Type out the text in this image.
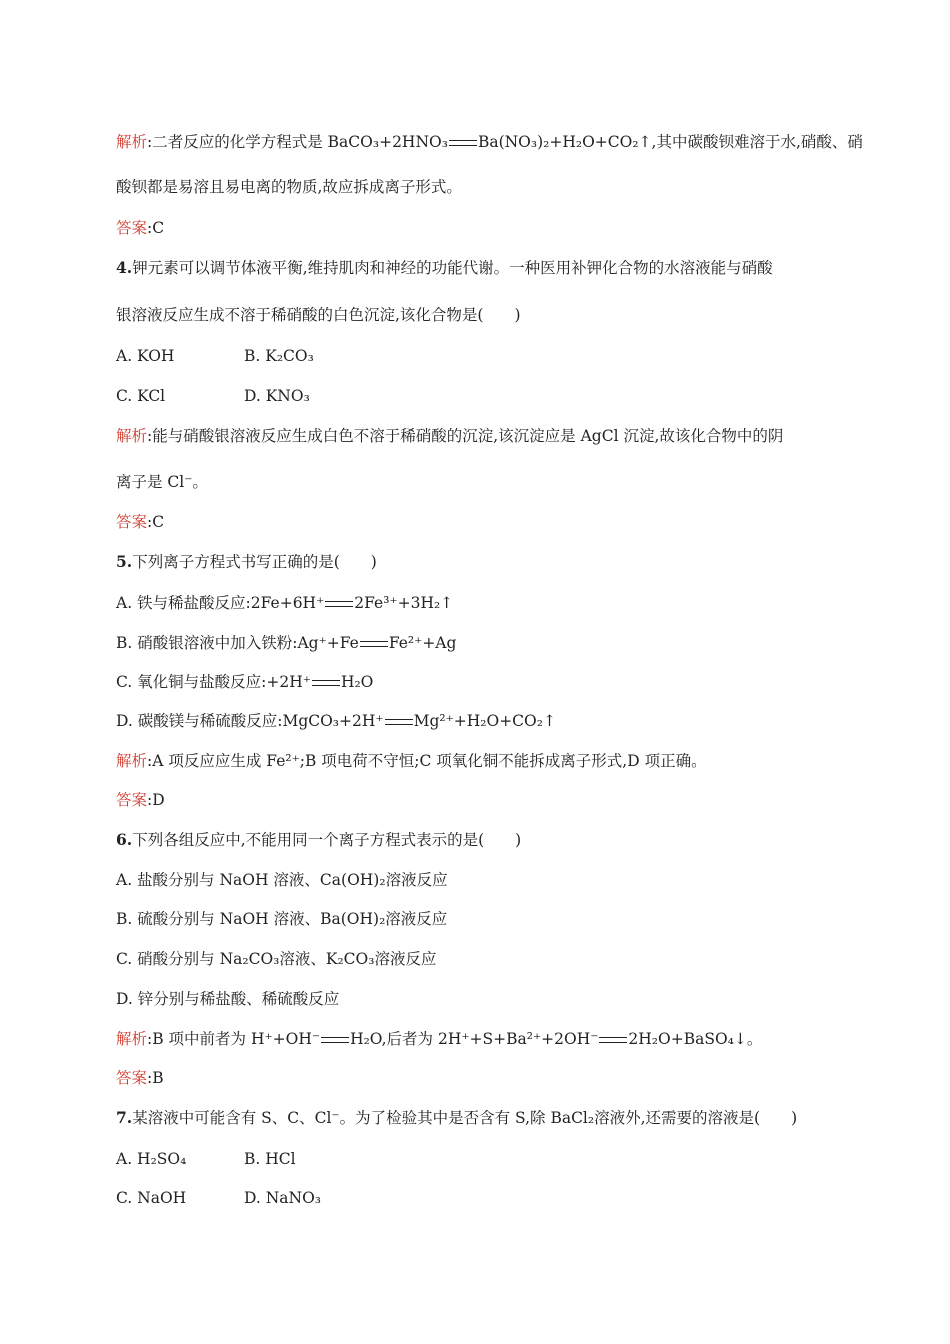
解析:二者反应的化学方程式是 BaCO₃+2HNO₃ Ba(NO₃)₂+H₂O+CO₂↑,其中碳酸钡难溶于水,硝酸、硝
酸钡都是易溶且易电离的物质,故应拆成离子形式。
答案:C
4.钾元素可以调节体液平衡,维持肌肉和神经的功能代谢。一种医用补钾化合物的水溶液能与硝酸
银溶液反应生成不溶于稀硝酸的白色沉淀,该化合物是(　　)
A. KOH	B. K₂CO₃
C. KCl	D. KNO₃
解析:能与硝酸银溶液反应生成白色不溶于稀硝酸的沉淀,该沉淀应是 AgCl 沉淀,故该化合物中的阴
离子是 Cl⁻。
答案:C
5.下列离子方程式书写正确的是(　　)
A. 铁与稀盐酸反应:2Fe+6H⁺ 2Fe³⁺+3H₂↑
B. 硝酸银溶液中加入铁粉:Ag⁺+Fe Fe²⁺+Ag
C. 氧化铜与盐酸反应:+2H⁺ H₂O
D. 碳酸镁与稀硫酸反应:MgCO₃+2H⁺ Mg²⁺+H₂O+CO₂↑
解析:A 项反应应生成 Fe²⁺;B 项电荷不守恒;C 项氧化铜不能拆成离子形式,D 项正确。
答案:D
6.下列各组反应中,不能用同一个离子方程式表示的是(　　)
A. 盐酸分别与 NaOH 溶液、Ca(OH)₂溶液反应
B. 硫酸分别与 NaOH 溶液、Ba(OH)₂溶液反应
C. 硝酸分别与 Na₂CO₃溶液、K₂CO₃溶液反应
D. 锌分别与稀盐酸、稀硫酸反应
解析:B 项中前者为 H⁺+OH⁻ H₂O,后者为 2H⁺+S+Ba²⁺+2OH⁻ 2H₂O+BaSO₄↓。
答案:B
7.某溶液中可能含有 S、C、Cl⁻。为了检验其中是否含有 S,除 BaCl₂溶液外,还需要的溶液是(　　)
A. H₂SO₄	B. HCl
C. NaOH	D. NaNO₃
